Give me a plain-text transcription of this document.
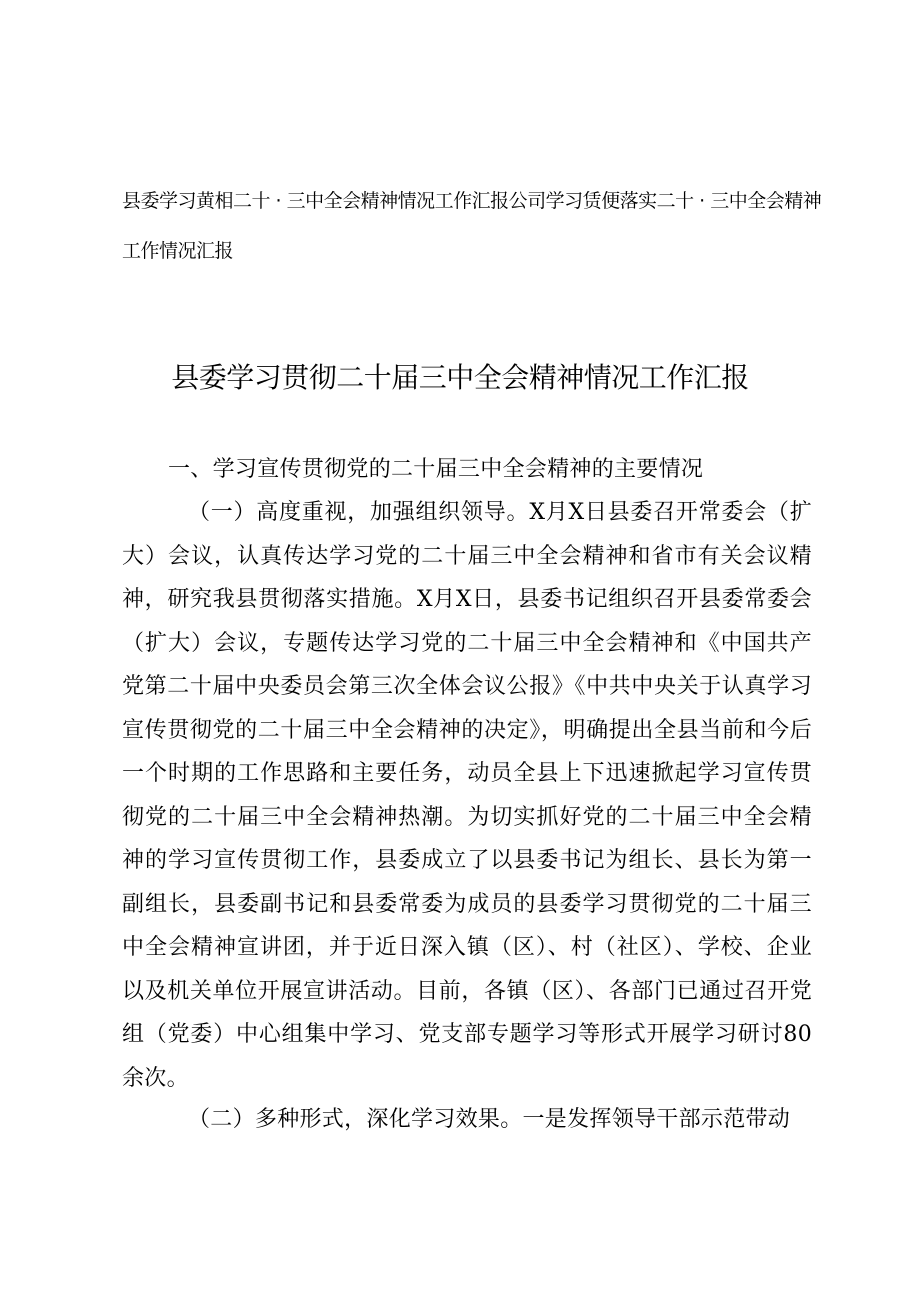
县委学习黄相二十 · 三中全会精神情况工作汇报公司学习赁便落实二十 · 三中全会精神工作情况汇报

县委学习贯彻二十届三中全会精神情况工作汇报

一、学习宣传贯彻党的二十届三中全会精神的主要情况

（一）高度重视，加强组织领导。X月X日县委召开常委会（扩大）会议，认真传达学习党的二十届三中全会精神和省市有关会议精神，研究我县贯彻落实措施。X月X日，县委书记组织召开县委常委会（扩大）会议，专题传达学习党的二十届三中全会精神和《中国共产党第二十届中央委员会第三次全体会议公报》《中共中央关于认真学习宣传贯彻党的二十届三中全会精神的决定》，明确提出全县当前和今后一个时期的工作思路和主要任务，动员全县上下迅速掀起学习宣传贯彻党的二十届三中全会精神热潮。为切实抓好党的二十届三中全会精神的学习宣传贯彻工作，县委成立了以县委书记为组长、县长为第一副组长，县委副书记和县委常委为成员的县委学习贯彻党的二十届三中全会精神宣讲团，并于近日深入镇（区）、村（社区）、学校、企业以及机关单位开展宣讲活动。目前，各镇（区）、各部门已通过召开党组（党委）中心组集中学习、党支部专题学习等形式开展学习研讨80余次。

（二）多种形式，深化学习效果。一是发挥领导干部示范带动
